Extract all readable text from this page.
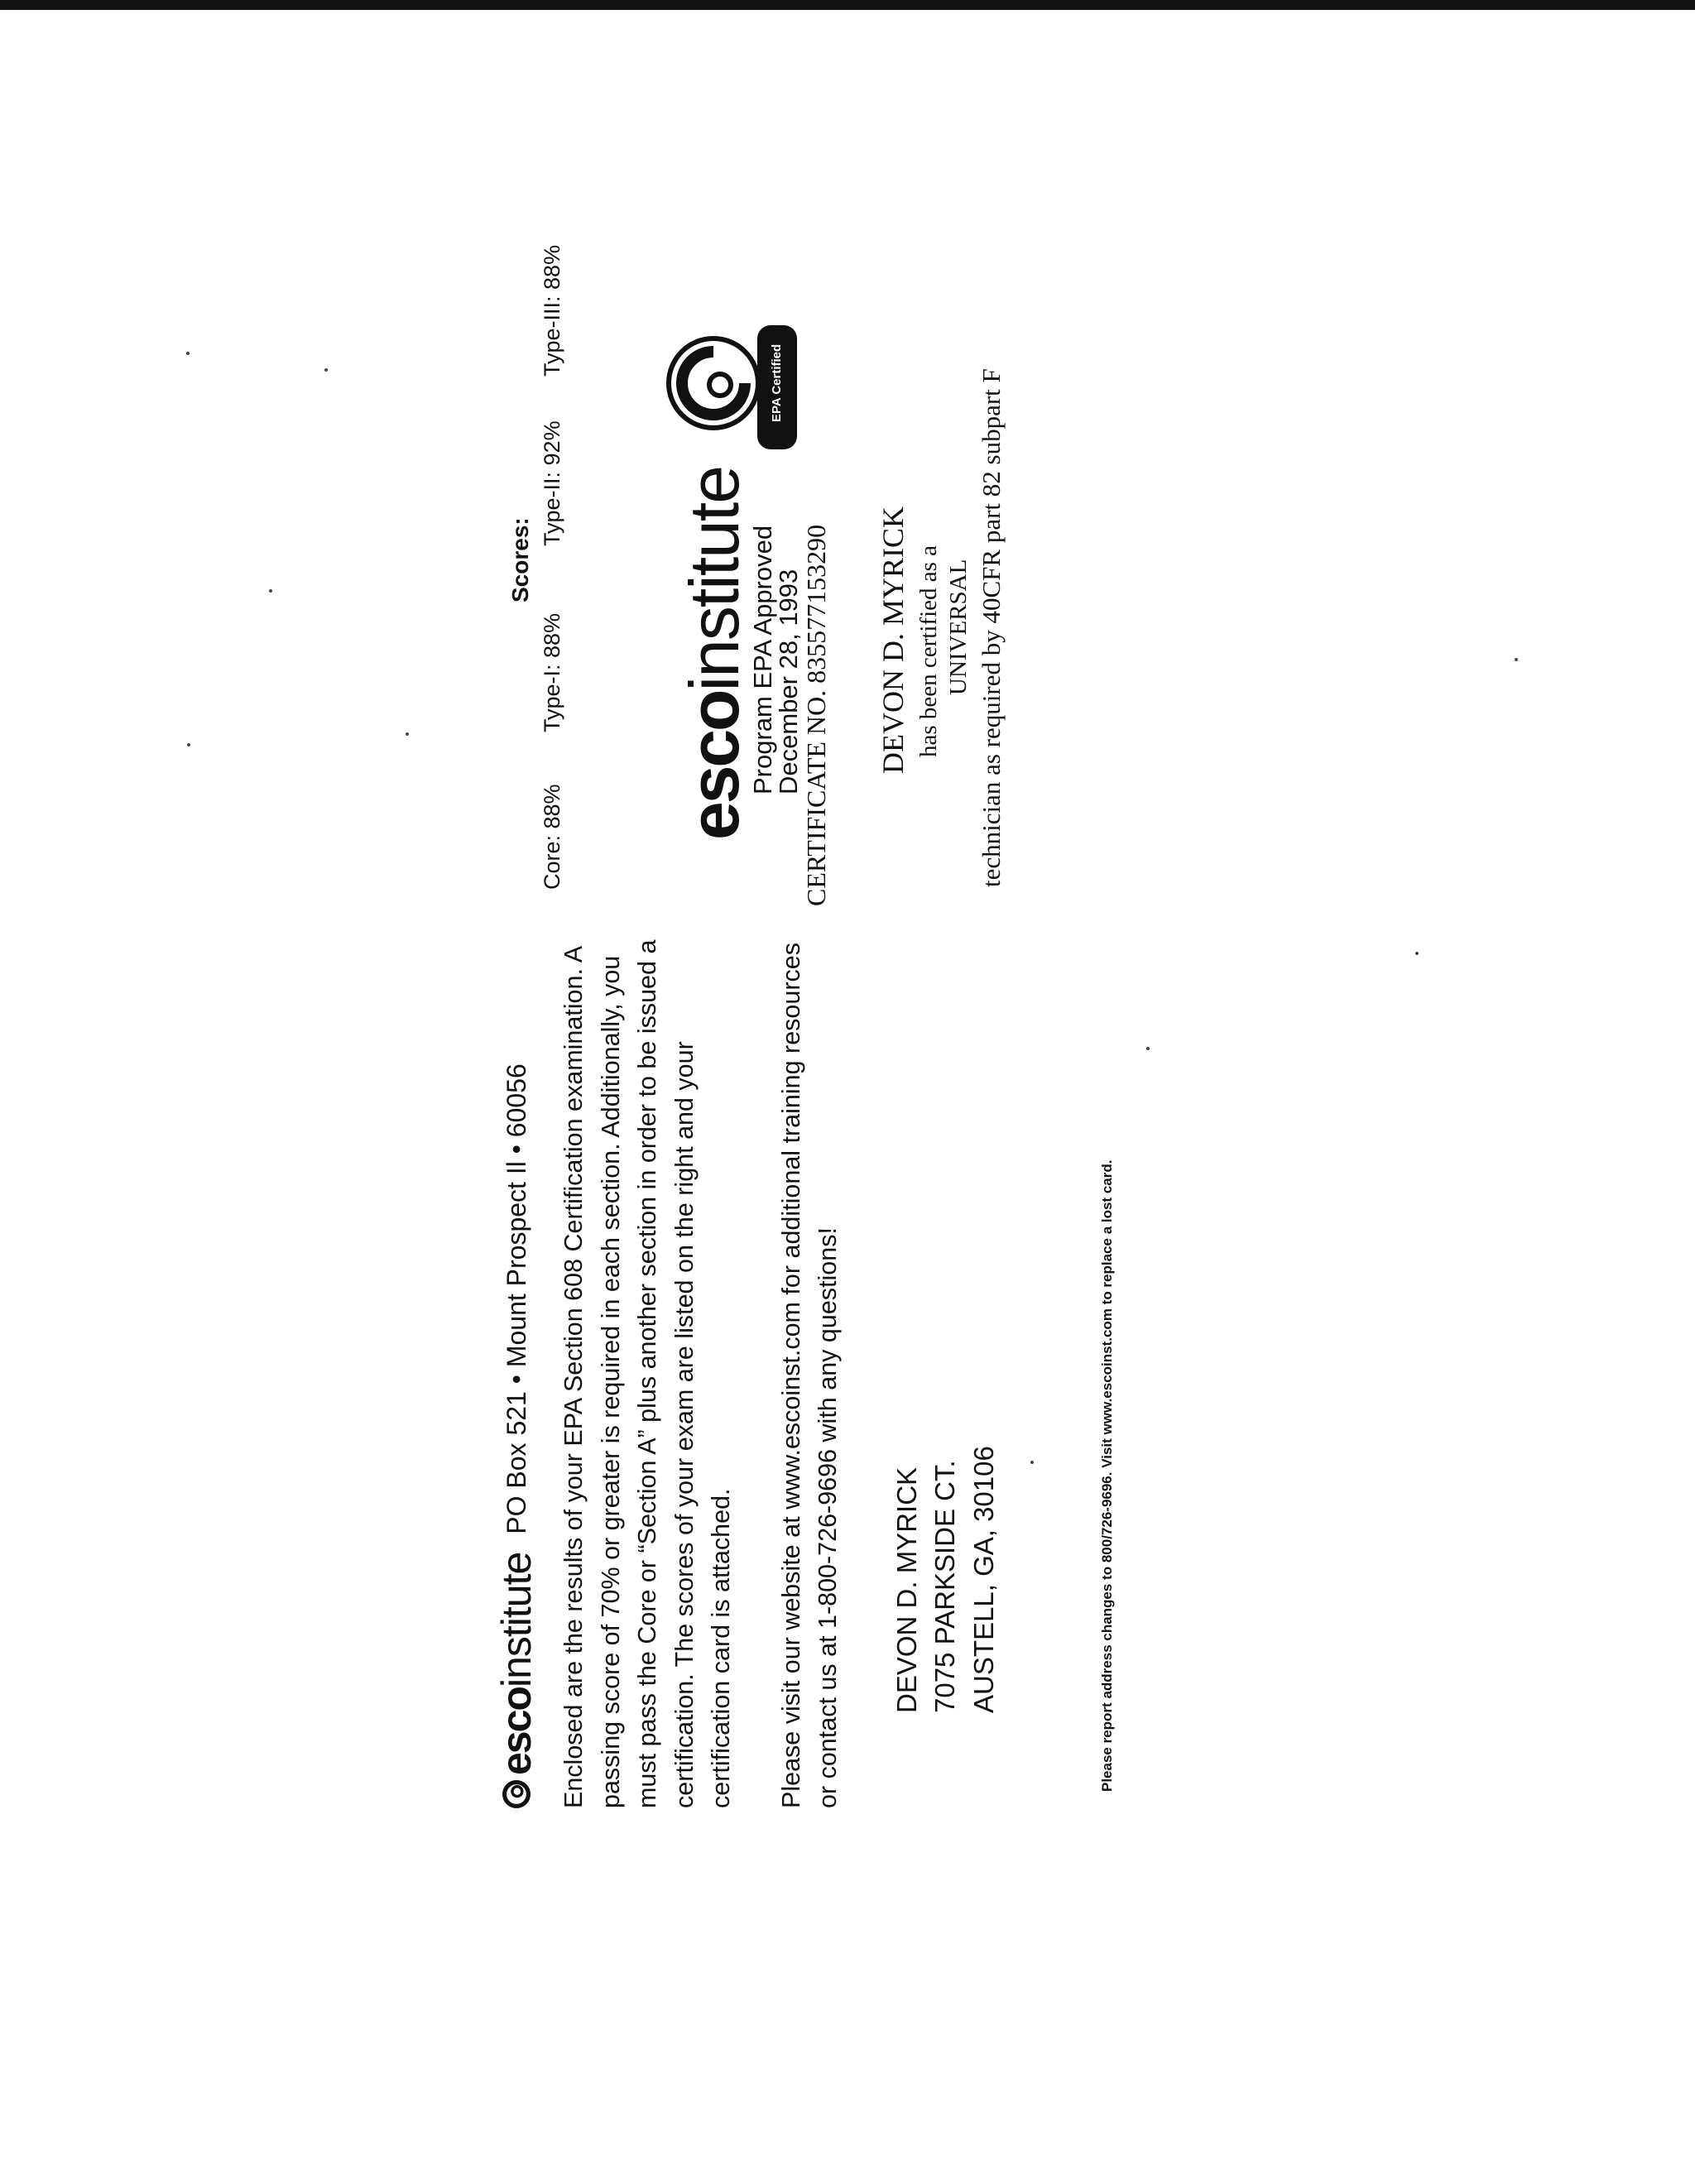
esco
institute
PO Box 521 • Mount Prospect Il • 60056 Enclosed are the results of your EPA Section 608 Certification examination. A passing score of 70% or greater is required in each section. Additionally, you must pass the Core or “Section A” plus another section in order to be issued a certification. The scores of your exam are listed on the right and your certification card is attached. Please visit our website at www.escoinst.com for additional training resources or contact us at 1-800-726-9696 with any questions! DEVON D. MYRICK 7075 PARKSIDE CT. AUSTELL, GA, 30106	Please report address changes to 800/726-9696. Visit www.escoinst.com to replace a lost card.
Scores:
Core: 88%
Type-I: 88%
Type-II: 92%
Type-III: 88%
esco
institute
Program EPA Approved
December 28, 1993
EPA Certified
CERTIFICATE NO. 835577153290 DEVON D. MYRICK has been certified as a UNIVERSAL technician as required by 40CFR part 82 subpart F
